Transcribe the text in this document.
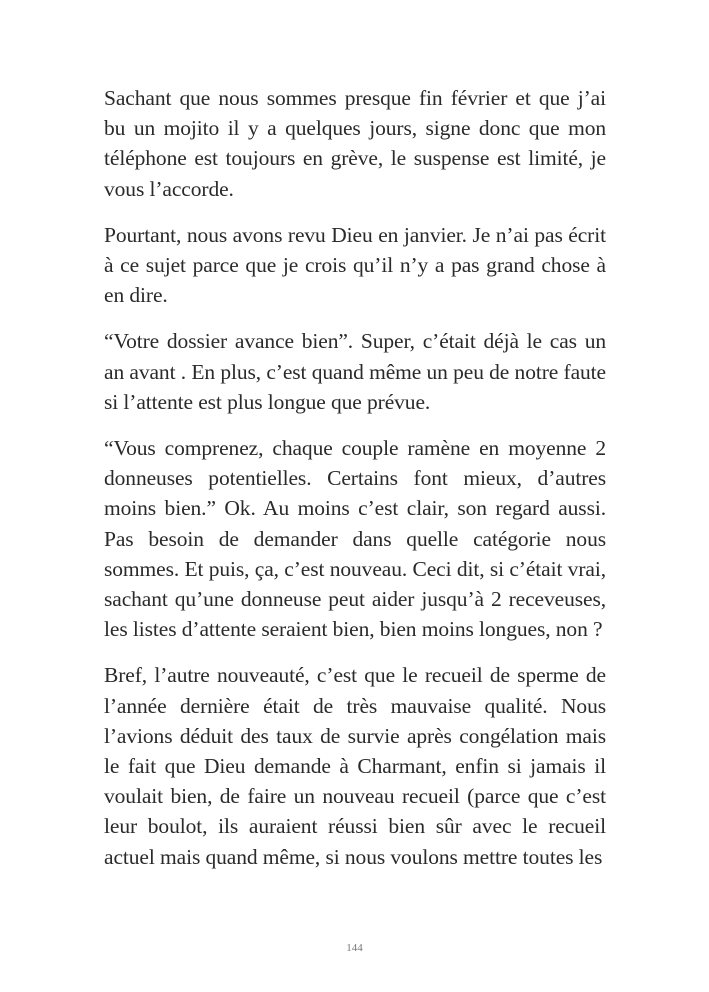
Sachant que nous sommes presque fin février et que j’ai bu un mojito il y a quelques jours, signe donc que mon téléphone est toujours en grève, le suspense est limité, je vous l’accorde.

Pourtant, nous avons revu Dieu en janvier. Je n’ai pas écrit à ce sujet parce que je crois qu’il n’y a pas grand chose à en dire.

“Votre dossier avance bien”. Super, c’était déjà le cas un an avant . En plus, c’est quand même un peu de notre faute si l’attente est plus longue que prévue.

“Vous comprenez, chaque couple ramène en moyenne 2 donneuses potentielles. Certains font mieux, d’autres moins bien.” Ok. Au moins c’est clair, son regard aussi. Pas besoin de demander dans quelle catégorie nous sommes. Et puis, ça, c’est nouveau. Ceci dit, si c’était vrai, sachant qu’une donneuse peut aider jusqu’à 2 receveuses, les listes d’attente seraient bien, bien moins longues, non ?

Bref, l’autre nouveauté, c’est que le recueil de sperme de l’année dernière était de très mauvaise qualité. Nous l’avions déduit des taux de survie après congélation mais le fait que Dieu demande à Charmant, enfin si jamais il voulait bien, de faire un nouveau recueil (parce que c’est leur boulot, ils auraient réussi bien sûr avec le recueil actuel mais quand même, si nous voulons mettre toutes les

144
